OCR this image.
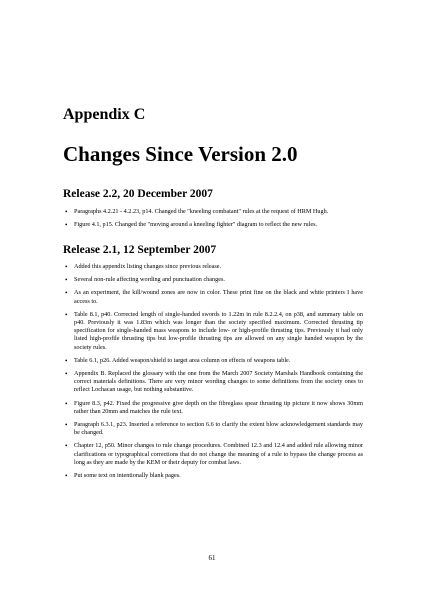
Appendix C
Changes Since Version 2.0
Release 2.2, 20 December 2007
• Paragraphs 4.2.21 - 4.2.23, p14. Changed the "kneeling combatant" rules at the request of HRM Hugh.
• Figure 4.1, p15. Changed the "moving around a kneeling fighter" diagram to reflect the new rules.
Release 2.1, 12 September 2007
• Added this appendix listing changes since previous release.
• Several non-rule affecting wording and punctuation changes.
• As an experiment, the kill/wound zones are now in color. These print fine on the black and white printers I have access to.
• Table 8.1, p40. Corrected length of single-handed swords to 1.22m in rule 8.2.2.4, on p38, and summary table on p40. Previously it was 1.83m which was longer than the society specified maximum. Corrected thrusting tip specification for single-handed mass weapons to include low- or high-profile thrusting tips. Previously it had only listed high-profile thrusting tips but low-profile thrusting tips are allowed on any single handed weapon by the society rules.
• Table 6.1, p26. Added weapon/shield to target area column on effects of weapons table.
• Appendix B. Replaced the glossary with the one from the March 2007 Society Marshals Handbook containing the correct materials definitions. There are very minor wording changes to some definitions from the society ones to reflect Lochacan usage, but nothing substantive.
• Figure 8.3, p42. Fixed the progressive give depth on the fibreglass spear thrusting tip picture it now shows 30mm rather than 20mm and matches the rule text.
• Paragraph 6.3.1, p23. Inserted a reference to section 6.6 to clarify the extent blow acknowledgement standards may be changed.
• Chapter 12, p50. Minor changes to rule change procedures. Combined 12.3 and 12.4 and added rule allowing minor clarifications or typographical corrections that do not change the meaning of a rule to bypass the change process as long as they are made by the KEM or their deputy for combat laws.
• Put some text on intentionally blank pages.
61
